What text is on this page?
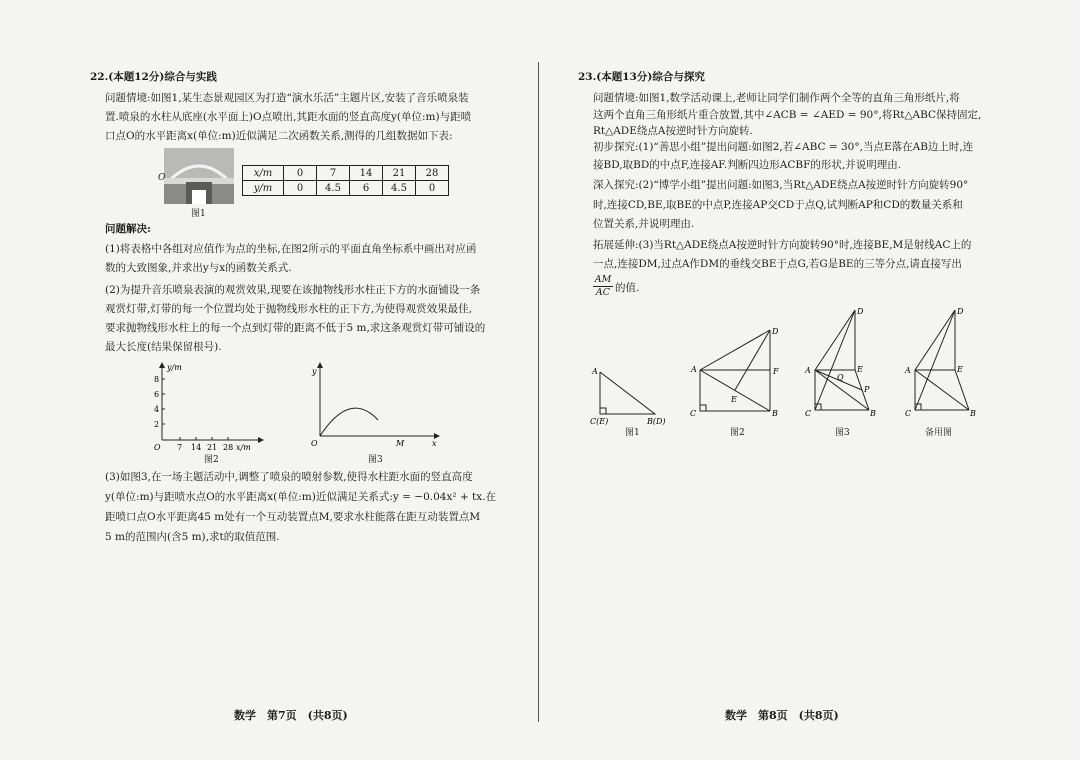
22.(本题12分)综合与实践
问题情境:如图1,某生态景观园区为打造“演水乐活”主题片区,安装了音乐喷泉装
置.喷泉的水柱从底座(水平面上)O点喷出,其距水面的竖直高度y(单位:m)与距喷
口点O的水平距离x(单位:m)近似满足二次函数关系,测得的几组数据如下表:
O
图1
x/m	0	7	14	21	28
y/m	0	4.5	6	4.5	0
问题解决:
(1)将表格中各组对应值作为点的坐标,在图2所示的平面直角坐标系中画出对应函
数的大致图象,并求出y与x的函数关系式.
(2)为提升音乐喷泉表演的观赏效果,现要在该抛物线形水柱正下方的水面铺设一条
观赏灯带,灯带的每一个位置均处于抛物线形水柱的正下方,为使得观赏效果最佳,
要求抛物线形水柱上的每一个点到灯带的距离不低于5 m,求这条观赏灯带可铺设的
最大长度(结果保留根号).
y/m
8
6
4
2
O 7 14 21 28 x/m
图2
y
O	M	x
图3
(3)如图3,在一场主题活动中,调整了喷泉的喷射参数,使得水柱距水面的竖直高度
y(单位:m)与距喷水点O的水平距离x(单位:m)近似满足关系式:y = −0.04x² + tx.在
距喷口点O水平距离45 m处有一个互动装置点M,要求水柱能落在距互动装置点M
5 m的范围内(含5 m),求t的取值范围.
数学　第7页　(共8页)
23.(本题13分)综合与探究
问题情境:如图1,数学活动课上,老师让同学们制作两个全等的直角三角形纸片,将
这两个直角三角形纸片重合放置,其中∠ACB = ∠AED = 90°,将Rt△ABC保持固定,
Rt△ADE绕点A按逆时针方向旋转.
初步探究:(1)“善思小组”提出问题:如图2,若∠ABC = 30°,当点E落在AB边上时,连
接BD,取BD的中点F,连接AF.判断四边形ACBF的形状,并说明理由.
深入探究:(2)“博学小组”提出问题:如图3,当Rt△ADE绕点A按逆时针方向旋转90°
时,连接CD,BE,取BE的中点P,连接AP交CD于点Q,试判断AP和CD的数量关系和
位置关系,并说明理由.
拓展延伸:(3)当Rt△ADE绕点A按逆时针方向旋转90°时,连接BE,M是射线AC上的
一点,连接DM,过点A作DM的垂线交BE于点G,若G是BE的三等分点,请直接写出
$\frac{AM}{AC}$ 的值.
A
C(E)	B(D)
图1
A
C	B
D
E
F
图2
A
C	B
D
E
Q
P
图3
A
C	B
D
E
备用图
数学　第8页　(共8页)
